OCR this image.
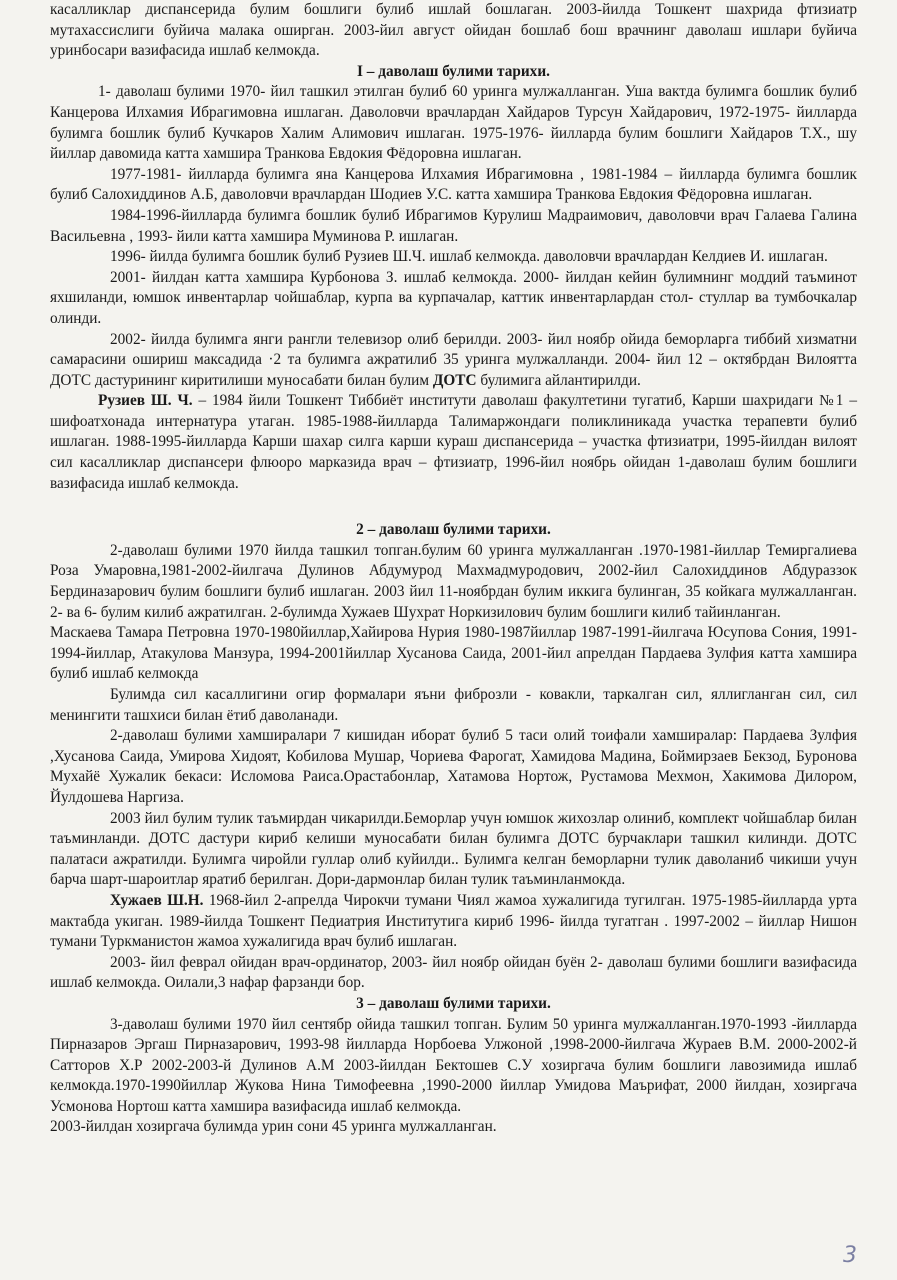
касалликлар диспансерида булим бошлиги булиб ишлай бошлаган. 2003-йилда Тошкент шахрида фтизиатр мутахассислиги буйича малака оширган. 2003-йил август ойидан бошлаб бош врачнинг даволаш ишлари буйича уринбосари вазифасида ишлаб келмокда.

I – даволаш булими тарихи.

1- даволаш булими 1970- йил ташкил этилган булиб 60 урингa мулжалланган. Уша вактда булимга бошлик булиб Канцерова Илхамия Ибрагимовна ишлаган. Даволовчи врачлардан Хайдаров Турсун Хайдарович, 1972-1975- йилларда булимга бошлик булиб Кучкаров Халим Алимович ишлаган. 1975-1976- йилларда булим бошлиги Хайдаров Т.Х., шу йиллар давомида катта хамшира Транкова Евдокия Фёдоровна ишлаган.

1977-1981- йилларда булимга яна Канцерова Илхамия Ибрагимовна , 1981-1984 – йилларда булимга бошлик булиб Салохиддинов А.Б, даволовчи врачлардан Шодиев У.С. катта хамшира Транкова Евдокия Фёдоровна ишлаган.

1984-1996-йилларда булимга бошлик булиб Ибрагимов Курулиш Мадраимович, даволовчи врач Галаева Галина Васильевна , 1993- йили катта хамшира Муминова Р. ишлаган.

1996- йилда булимга бошлик булиб Рузиев Ш.Ч. ишлаб келмокда. даволовчи врачлардан Келдиев И. ишлаган.

2001- йилдан катта хамшира Курбонова З. ишлаб келмокда. 2000- йилдан кейин булимнинг моддий таъминот яхшиланди, юмшок инвентарлар чойшаблар, курпа ва курпачалар, каттик инвентарлардан стол- стуллар ва тумбочкалар олинди.

2002- йилда булимга янги рангли телевизор олиб берилди. 2003- йил ноябр ойида беморларга тиббий хизматни самарасини ошириш максадида ·2 та булимга ажратилиб 35 урингa мулжалланди. 2004- йил 12 – октябрдан Вилоятта ДОТС дастурининг киритилиши муносабати билан булим ДОТС булимига айлантирилди.

Рузиев Ш. Ч. – 1984 йили Тошкент Тиббиёт институти даволаш факултетини тугатиб, Карши шахридаги №1 – шифоатхонада интернатура утаган. 1985-1988-йилларда Талимаржондаги поликлиникада участка терапевти булиб ишлаган. 1988-1995-йилларда Карши шахар силга карши кураш диспансерида – участка фтизиатри, 1995-йилдан вилоят сил касалликлар диспансери флюоро марказида врач – фтизиатр, 1996-йил ноябрь ойидан 1-даволаш булим бошлиги вазифасида ишлаб келмокда.

2 – даволаш булими тарихи.

2-даволаш булими 1970 йилда ташкил топган.булим 60 урингa мулжалланган .1970-1981-йиллар Темиргалиева Роза Умаровна,1981-2002-йилгача Дулинов Абдумурод Махмадмуродович, 2002-йил Салохиддинов Абдураззок Бердиназарович булим бошлиги булиб ишлаган. 2003 йил 11-ноябрдан булим иккига булинган, 35 койкага мулжалланган. 2- ва 6- булим килиб ажратилган. 2-булимда Хужаев Шухрат Норкизилович булим бошлиги килиб тайинланган.

Маскаева Тамара Петровна 1970-1980йиллар,Хайирова Нурия 1980-1987йиллар 1987-1991-йилгача Юсупова Сония, 1991-1994-йиллар, Атакулова Манзура, 1994-2001йиллар Хусанова Саида, 2001-йил апрелдан Пардаева Зулфия катта хамшира булиб ишлаб келмокда

Булимда сил касаллигини огир формалари яъни фиброзли - ковакли, таркалган сил, яллигланган сил, сил менингити ташхиси билан ётиб даволанади.

2-даволаш булими хамширалари 7 кишидан иборат булиб 5 таси олий тоифали хамширалар: Пардаева Зулфия ,Хусанова Саида, Умирова Хидоят, Кобилова Мушар, Чориева Фарогат, Хамидова Мадина, Боймирзаев Бекзод, Буронова Мухайё Хужалик бекаси: Исломова Раиса.Орастабонлар, Хатамова Нортож, Рустамова Мехмон, Хакимова Дилором, Йулдошева Наргиза.

2003 йил булим тулик таъмирдан чикарилди.Беморлар учун юмшок жихозлар олиниб, комплект чойшаблар билан таъминланди. ДОТС дастури кириб келиши муносабати билан булимга ДОТС бурчаклари ташкил килинди. ДОТС палатаси ажратилди. Булимга чиройли гуллар олиб куйилди.. Булимга келган беморларни тулик даволаниб чикиши учун барча шарт-шароитлар яратиб берилган. Дори-дармонлар билан тулик таъминланмокда.

Хужаев Ш.Н. 1968-йил 2-апрелда Чирокчи тумани Чиял жамоа хужалигида тугилган. 1975-1985-йилларда урта мактабда укиган. 1989-йилда Тошкент Педиатрия Институтига кириб 1996- йилда тугатган . 1997-2002 – йиллар Нишон тумани Туркманистон жамоа хужалигида врач булиб ишлаган.

2003- йил феврал ойидан врач-ординатор, 2003- йил ноябр ойидан буён 2- даволаш булими бошлиги вазифасида ишлаб келмокда. Оилали,3 нафар фарзанди бор.

3 – даволаш булими тарихи.

3-даволаш булими 1970 йил сентябр ойида ташкил топган. Булим 50 урингa мулжалланган.1970-1993 -йилларда Пирназаров Эргаш Пирназарович, 1993-98 йилларда Норбоева Улжоной ,1998-2000-йилгача Жураев В.М. 2000-2002-й Сатторов Х.Р 2002-2003-й Дулинов А.М 2003-йилдан Бектошев С.У хозиргача булим бошлиги лавозимида ишлаб келмокда.1970-1990йиллар Жукова Нина Тимофеевна ,1990-2000 йиллар Умидова Маърифат, 2000 йилдан, хозиргача Усмонова Нортош катта хамшира вазифасида ишлаб келмокда.

2003-йилдан хозиргача булимда урин сони 45 урингa мулжалланган.

3
